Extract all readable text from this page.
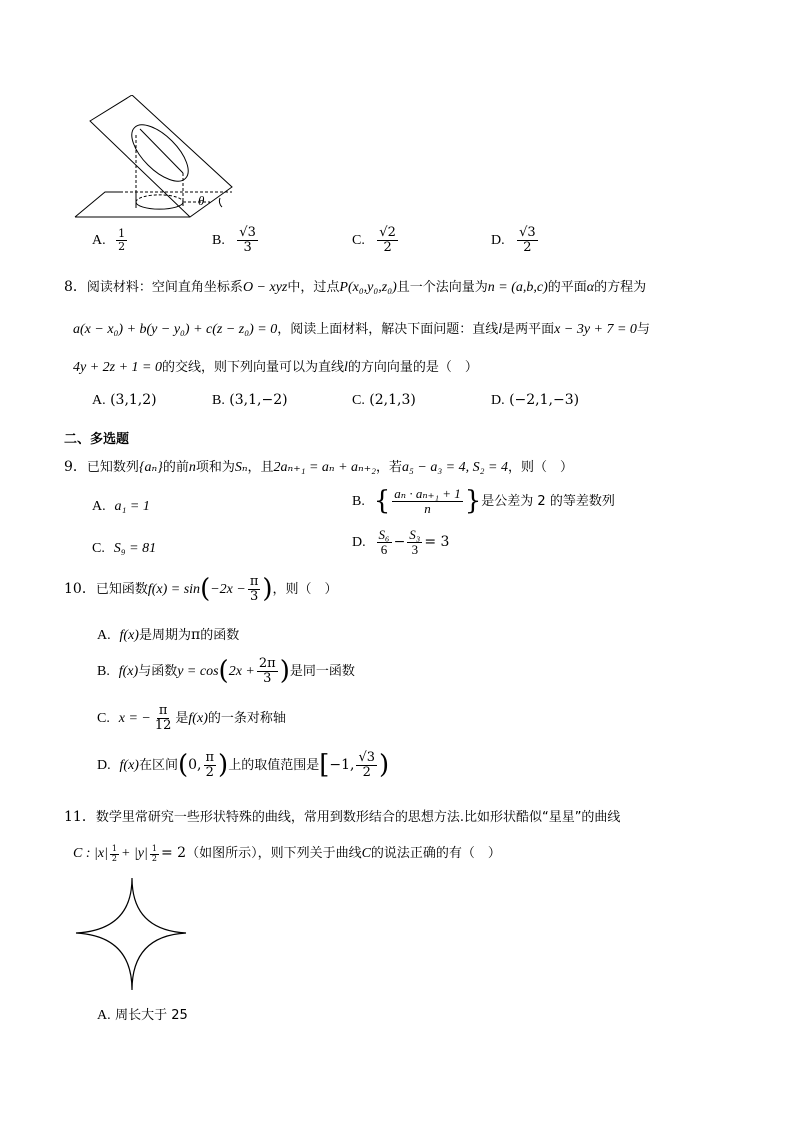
θ
A. $\frac{1}{2}$	B. $\frac{√3}{3}$	C. $\frac{√2}{2}$	D. $\frac{√3}{2}$
8．阅读材料：空间直角坐标系O − xyz中，过点P(x₀,y₀,z₀)且一个法向量为n = (a,b,c)的平面α的方程为
a(x − x₀) + b(y − y₀) + c(z − z₀) = 0，阅读上面材料，解决下面问题：直线l是两平面x − 3y + 7 = 0与
4y + 2z + 1 = 0的交线，则下列向量可以为直线l的方向向量的是（　）
A. (3,1,2)	B. (3,1,−2)	C. (2,1,3)	D. (−2,1,−3)
二、多选题
9．已知数列{aₙ}的前n项和为Sₙ，且2aₙ₊₁ = aₙ + aₙ₊₂，若a₅ − a₃ = 4, S₂ = 4，则（　）
A. a₁ = 1	B. { $\frac{\text{aₙ · aₙ₊₁ + 1}}{n}$ }是公差为 2 的等差数列
C. S₉ = 81	D. $\frac{\text{S₆}}{6} - \frac{\text{S₃}}{3} = 3$
10．已知函数$f(x) = \sin(-2x - \frac{\pi}{3}$ )，则（　）
A. f(x)是周期为π的函数
B. f(x)与函数$y = \cos(2x + \frac{2\pi}{3}$ )是同一函数
C. x = − $\frac{\pi}{12}$ 是f(x)的一条对称轴
D. f(x)在区间(0, $\frac{\pi}{2}$ )上的取值范围是[−1, $\frac{√3}{2}$ )
11．数学里常研究一些形状特殊的曲线，常用到数形结合的思想方法.比如形状酷似“星星”的曲线
C : |x| $^{\frac{1}{2}}$ + |y| $^{\frac{1}{2}}$ = 2（如图所示），则下列关于曲线C的说法正确的有（　）
A. 周长大于 25
